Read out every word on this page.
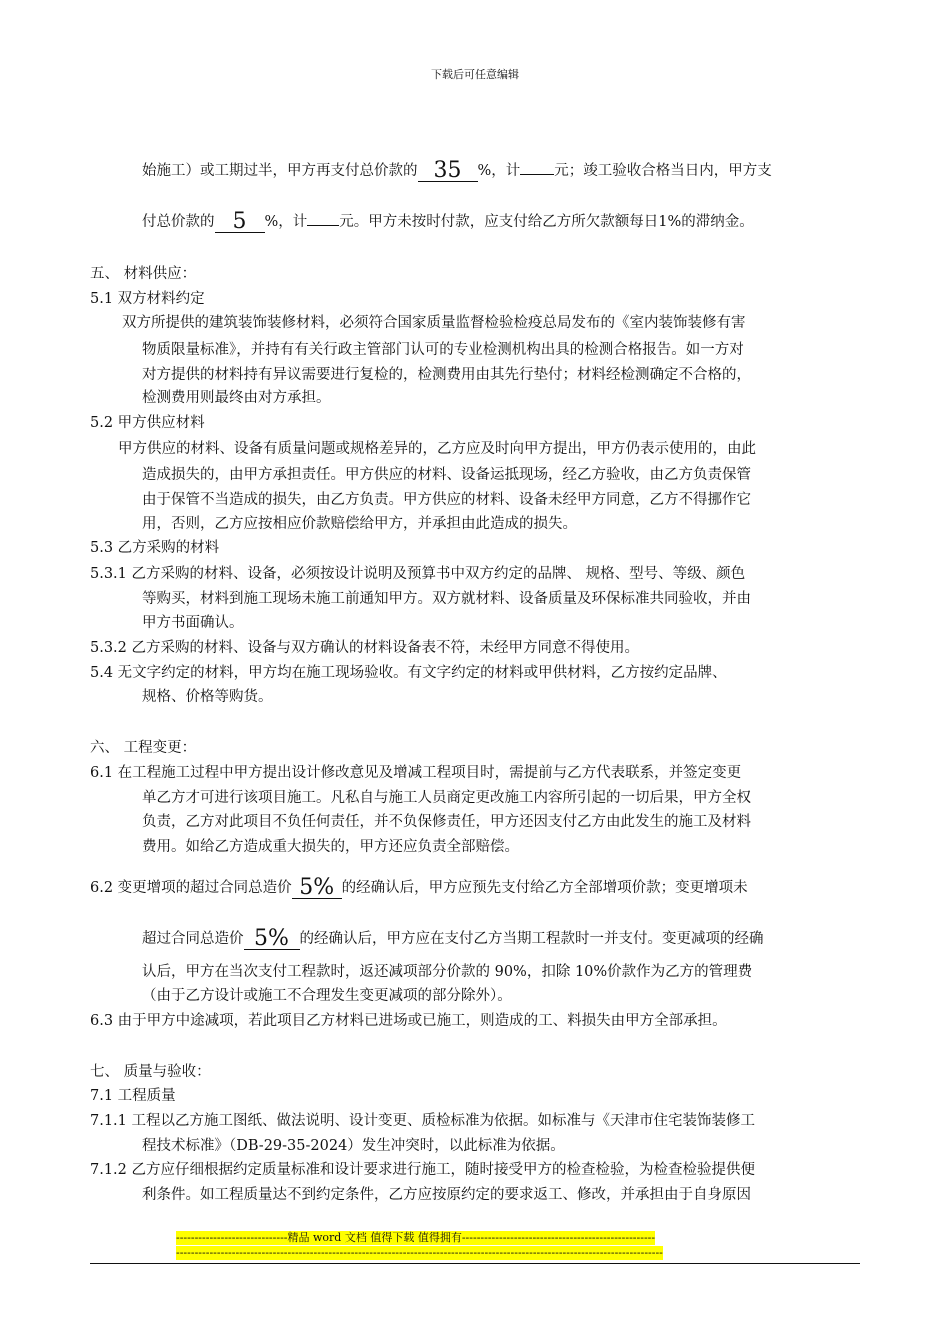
下载后可任意编辑
始施工）或工期过半，甲方再支付总价款的 35 %，计 元；竣工验收合格当日内，甲方支
付总价款的 5 %，计 元。甲方未按时付款，应支付给乙方所欠款额每日1%的滞纳金。
五、 材料供应：
5.1 双方材料约定
双方所提供的建筑装饰装修材料，必须符合国家质量监督检验检疫总局发布的《室内装饰装修有害
物质限量标准》，并持有有关行政主管部门认可的专业检测机构出具的检测合格报告。如一方对
对方提供的材料持有异议需要进行复检的，检测费用由其先行垫付；材料经检测确定不合格的，
检测费用则最终由对方承担。
5.2 甲方供应材料
甲方供应的材料、设备有质量问题或规格差异的，乙方应及时向甲方提出，甲方仍表示使用的，由此
造成损失的，由甲方承担责任。甲方供应的材料、设备运抵现场，经乙方验收，由乙方负责保管
由于保管不当造成的损失，由乙方负责。甲方供应的材料、设备未经甲方同意，乙方不得挪作它
用，否则，乙方应按相应价款赔偿给甲方，并承担由此造成的损失。
5.3 乙方采购的材料
5.3.1 乙方采购的材料、设备，必须按设计说明及预算书中双方约定的品牌、 规格、型号、等级、颜色
等购买，材料到施工现场未施工前通知甲方。双方就材料、设备质量及环保标准共同验收，并由
甲方书面确认。
5.3.2 乙方采购的材料、设备与双方确认的材料设备表不符，未经甲方同意不得使用。
5.4 无文字约定的材料，甲方均在施工现场验收。有文字约定的材料或甲供材料，乙方按约定品牌、
规格、价格等购货。
六、 工程变更：
6.1 在工程施工过程中甲方提出设计修改意见及增减工程项目时，需提前与乙方代表联系，并签定变更
单乙方才可进行该项目施工。凡私自与施工人员商定更改施工内容所引起的一切后果，甲方全权
负责，乙方对此项目不负任何责任，并不负保修责任，甲方还因支付乙方由此发生的施工及材料
费用。如给乙方造成重大损失的，甲方还应负责全部赔偿。
6.2 变更增项的超过合同总造价 5% 的经确认后，甲方应预先支付给乙方全部增项价款；变更增项未
超过合同总造价 5% 的经确认后，甲方应在支付乙方当期工程款时一并支付。变更减项的经确
认后，甲方在当次支付工程款时，返还减项部分价款的 90%，扣除 10%价款作为乙方的管理费
（由于乙方设计或施工不合理发生变更减项的部分除外）。
6.3 由于甲方中途减项，若此项目乙方材料已进场或已施工，则造成的工、料损失由甲方全部承担。
七、 质量与验收：
7.1 工程质量
7.1.1 工程以乙方施工图纸、做法说明、设计变更、质检标准为依据。如标准与《天津市住宅装饰装修工
程技术标准》（DB-29-35-2024）发生冲突时，以此标准为依据。
7.1.2 乙方应仔细根据约定质量标准和设计要求进行施工，随时接受甲方的检查检验，为检查检验提供便
利条件。如工程质量达不到约定条件，乙方应按原约定的要求返工、修改，并承担由于自身原因
------------------------------精品 word 文档 值得下载 值得拥有----------------------------------------------------
-----------------------------------------------------------------------------------------------------------------------------------
